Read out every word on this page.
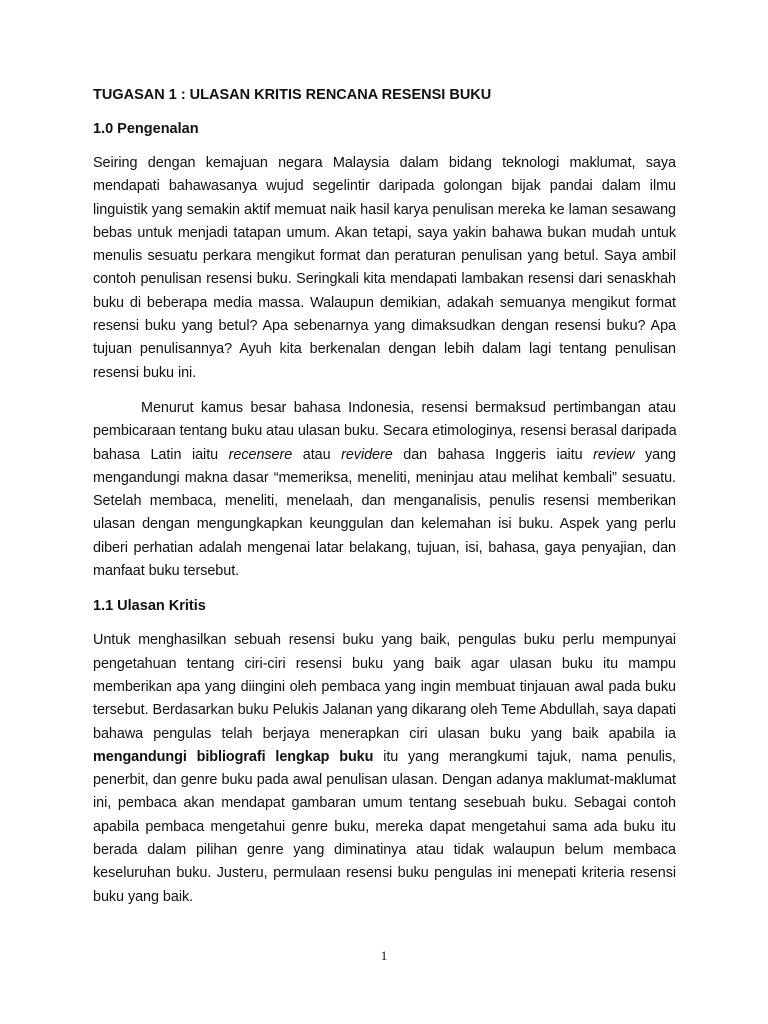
TUGASAN 1 : ULASAN KRITIS RENCANA RESENSI BUKU
1.0 Pengenalan
Seiring dengan kemajuan negara Malaysia dalam bidang teknologi maklumat, saya
mendapati bahawasanya wujud segelintir daripada golongan bijak pandai dalam ilmu
linguistik yang semakin aktif memuat naik hasil karya penulisan mereka ke laman sesawang
bebas untuk menjadi tatapan umum. Akan tetapi, saya yakin bahawa bukan mudah untuk
menulis sesuatu perkara mengikut format dan peraturan penulisan yang betul. Saya ambil
contoh penulisan resensi buku. Seringkali kita mendapati lambakan resensi dari senaskhah
buku di beberapa media massa. Walaupun demikian, adakah semuanya mengikut format
resensi buku yang betul? Apa sebenarnya yang dimaksudkan dengan resensi buku? Apa
tujuan penulisannya? Ayuh kita berkenalan dengan lebih dalam lagi tentang penulisan
resensi buku ini.
Menurut kamus besar bahasa Indonesia, resensi bermaksud pertimbangan atau
pembicaraan tentang buku atau ulasan buku. Secara etimologinya, resensi berasal daripada
bahasa Latin iaitu recensere atau revidere dan bahasa Inggeris iaitu review yang
mengandungi makna dasar “memeriksa, meneliti, meninjau atau melihat kembali” sesuatu.
Setelah membaca, meneliti, menelaah, dan menganalisis, penulis resensi memberikan
ulasan dengan mengungkapkan keunggulan dan kelemahan isi buku. Aspek yang perlu
diberi perhatian adalah mengenai latar belakang, tujuan, isi, bahasa, gaya penyajian, dan
manfaat buku tersebut.
1.1 Ulasan Kritis
Untuk menghasilkan sebuah resensi buku yang baik, pengulas buku perlu mempunyai
pengetahuan tentang ciri-ciri resensi buku yang baik agar ulasan buku itu mampu
memberikan apa yang diingini oleh pembaca yang ingin membuat tinjauan awal pada buku
tersebut. Berdasarkan buku Pelukis Jalanan yang dikarang oleh Teme Abdullah, saya dapati
bahawa pengulas telah berjaya menerapkan ciri ulasan buku yang baik apabila ia
mengandungi bibliografi lengkap buku itu yang merangkumi tajuk, nama penulis,
penerbit, dan genre buku pada awal penulisan ulasan. Dengan adanya maklumat-maklumat
ini, pembaca akan mendapat gambaran umum tentang sesebuah buku. Sebagai contoh
apabila pembaca mengetahui genre buku, mereka dapat mengetahui sama ada buku itu
berada dalam pilihan genre yang diminatinya atau tidak walaupun belum membaca
keseluruhan buku. Justeru, permulaan resensi buku pengulas ini menepati kriteria resensi
buku yang baik.
1
